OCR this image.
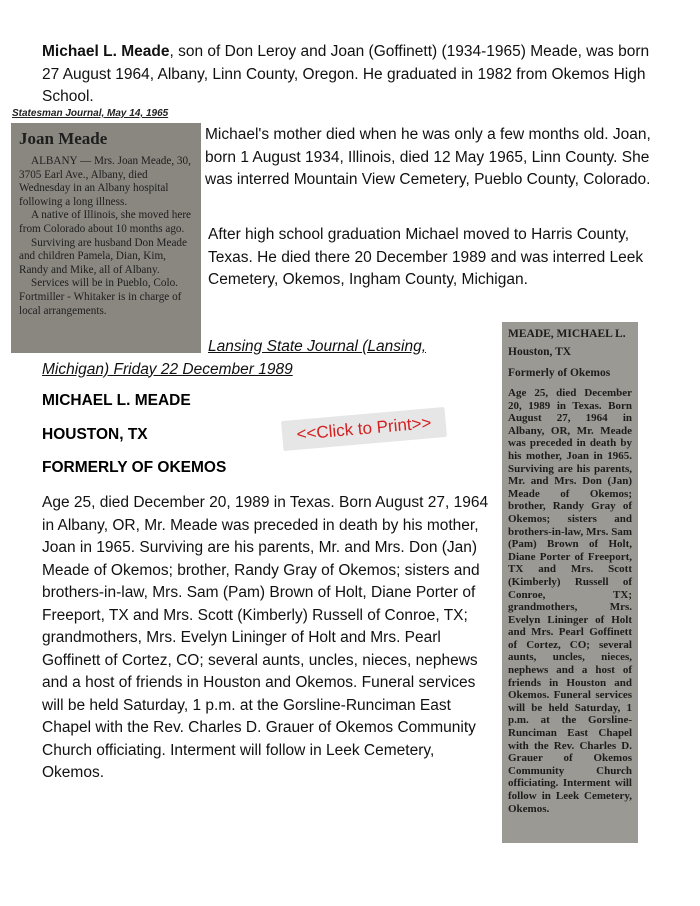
Michael L. Meade, son of Don Leroy and Joan (Goffinett) (1934-1965) Meade, was born 27 August 1964, Albany, Linn County, Oregon. He graduated in 1982 from Okemos High School.
Statesman Journal, May 14, 1965
Joan Meade

ALBANY — Mrs. Joan Meade, 30, 3705 Earl Ave., Albany, died Wednesday in an Albany hospital following a long illness.

A native of Illinois, she moved here from Colorado about 10 months ago.

Surviving are husband Don Meade and children Pamela, Dian, Kim, Randy and Mike, all of Albany.

Services will be in Pueblo, Colo. Fortmiller - Whitaker is in charge of local arrangements.

Michael's mother died when he was only a few months old. Joan, born 1 August 1934, Illinois, died 12 May 1965, Linn County. She was interred Mountain View Cemetery, Pueblo County, Colorado.
After high school graduation Michael moved to Harris County, Texas. He died there 20 December 1989 and was interred Leek Cemetery, Okemos, Ingham County, Michigan.
Lansing State Journal (Lansing,
Michigan) Friday 22 December 1989
MICHAEL L. MEADE
HOUSTON, TX
FORMERLY OF OKEMOS
<<Click to Print>>
Age 25, died December 20, 1989 in Texas. Born August 27, 1964 in Albany, OR, Mr. Meade was preceded in death by his mother, Joan in 1965. Surviving are his parents, Mr. and Mrs. Don (Jan) Meade of Okemos; brother, Randy Gray of Okemos; sisters and brothers-in-law, Mrs. Sam (Pam) Brown of Holt, Diane Porter of Freeport, TX and Mrs. Scott (Kimberly) Russell of Conroe, TX; grandmothers, Mrs. Evelyn Lininger of Holt and Mrs. Pearl Goffinett of Cortez, CO; several aunts, uncles, nieces, nephews and a host of friends in Houston and Okemos. Funeral services will be held Saturday, 1 p.m. at the Gorsline-Runciman East Chapel with the Rev. Charles D. Grauer of Okemos Community Church officiating. Interment will follow in Leek Cemetery, Okemos.
MEADE, MICHAEL L.
Houston, TX
Formerly of Okemos
Age 25, died December 20, 1989 in Texas. Born August 27, 1964 in Albany, OR, Mr. Meade was preceded in death by his mother, Joan in 1965. Surviving are his parents, Mr. and Mrs. Don (Jan) Meade of Okemos; brother, Randy Gray of Okemos; sisters and brothers-in-law, Mrs. Sam (Pam) Brown of Holt, Diane Porter of Freeport, TX and Mrs. Scott (Kimberly) Russell of Conroe, TX; grandmothers, Mrs. Evelyn Lininger of Holt and Mrs. Pearl Goffinett of Cortez, CO; several aunts, uncles, nieces, nephews and a host of friends in Houston and Okemos. Funeral services will be held Saturday, 1 p.m. at the Gorsline-Runciman East Chapel with the Rev. Charles D. Grauer of Okemos Community Church officiating. Interment will follow in Leek Cemetery, Okemos.
